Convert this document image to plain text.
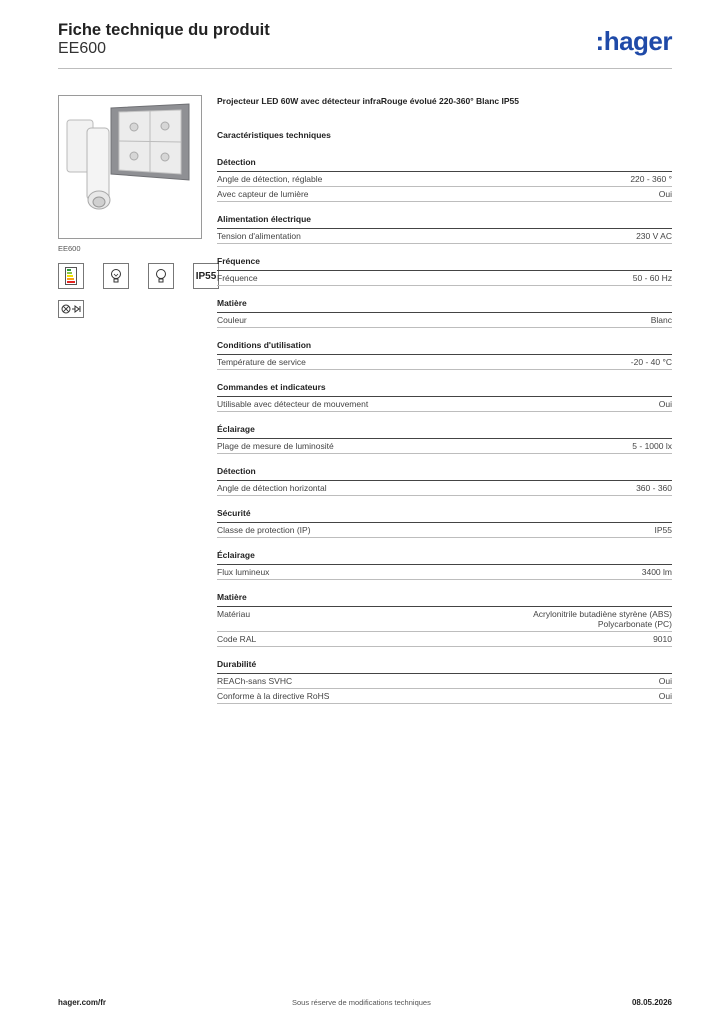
Fiche technique du produit
EE600	:hager
EE600
IP55
Projecteur LED 60W avec détecteur infraRouge évolué 220-360° Blanc IP55
Caractéristiques techniques
Détection
Angle de détection, réglable	220 - 360 °
Avec capteur de lumière	Oui
Alimentation électrique
Tension d'alimentation	230 V AC
Fréquence
Fréquence	50 - 60 Hz
Matière
Couleur	Blanc
Conditions d'utilisation
Température de service	-20 - 40 °C
Commandes et indicateurs
Utilisable avec détecteur de mouvement	Oui
Éclairage
Plage de mesure de luminosité	5 - 1000 lx
Détection
Angle de détection horizontal	360 - 360
Sécurité
Classe de protection (IP)	IP55
Éclairage
Flux lumineux	3400 lm
Matière
Matériau	Acrylonitrile butadiène styrène (ABS)
Polycarbonate (PC)
Code RAL	9010
Durabilité
REACh-sans SVHC	Oui
Conforme à la directive RoHS	Oui
hager.com/fr	Sous réserve de modifications techniques	08.05.2026
